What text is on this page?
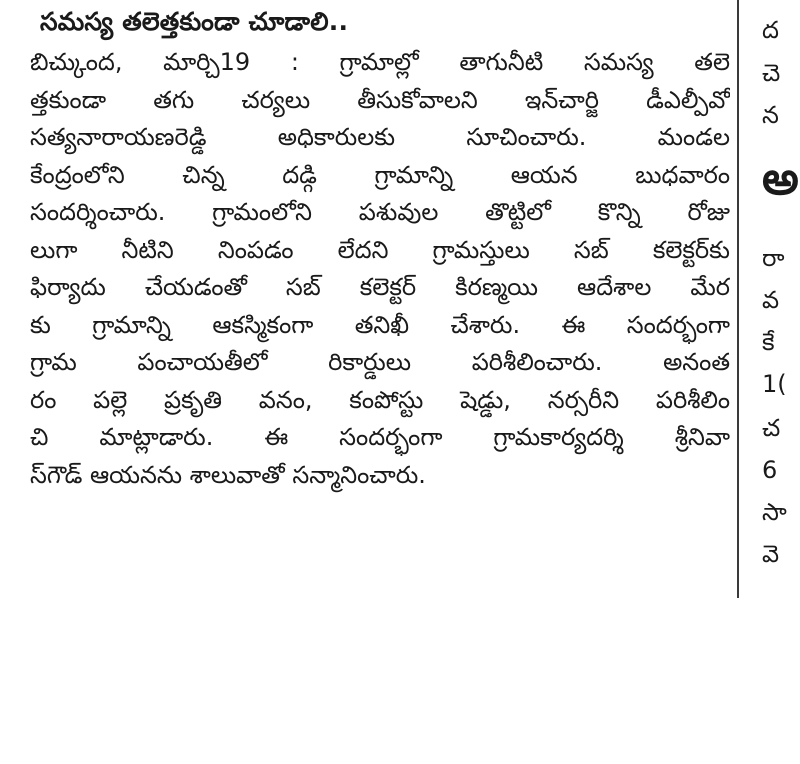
సమస్య తలెత్తకుండా చూడాలి..
బిచ్కుంద, మార్చి19 : గ్రామాల్లో తాగునీటి సమస్య తలె
త్తకుండా తగు చర్యలు తీసుకోవాలని ఇన్‌చార్జి డీఎల్పీవో
సత్యనారాయణరెడ్డి అధికారులకు సూచించారు. మండల
కేంద్రంలోని చిన్న దడ్గి గ్రామాన్ని ఆయన బుధవారం
సందర్శించారు. గ్రామంలోని పశువుల తొట్టిలో కొన్ని రోజు
లుగా నీటిని నింపడం లేదని గ్రామస్తులు సబ్ కలెక్టర్‌కు
ఫిర్యాదు చేయడంతో సబ్ కలెక్టర్ కిరణ్మయి ఆదేశాల మేర
కు గ్రామాన్ని ఆకస్మికంగా తనిఖీ చేశారు. ఈ సందర్భంగా
గ్రామ పంచాయతీలో రికార్డులు పరిశీలించారు. అనంత
రం పల్లె ప్రకృతి వనం, కంపోస్టు షెడ్డు, నర్సరీని పరిశీలిం
చి మాట్లాడారు. ఈ సందర్భంగా గ్రామకార్యదర్శి శ్రీనివా
స్‌గౌడ్ ఆయనను శాలువాతో సన్మానించారు.
ద
చె
న
అ
రా
వ
కే
1(
చ
6
సా
వె
